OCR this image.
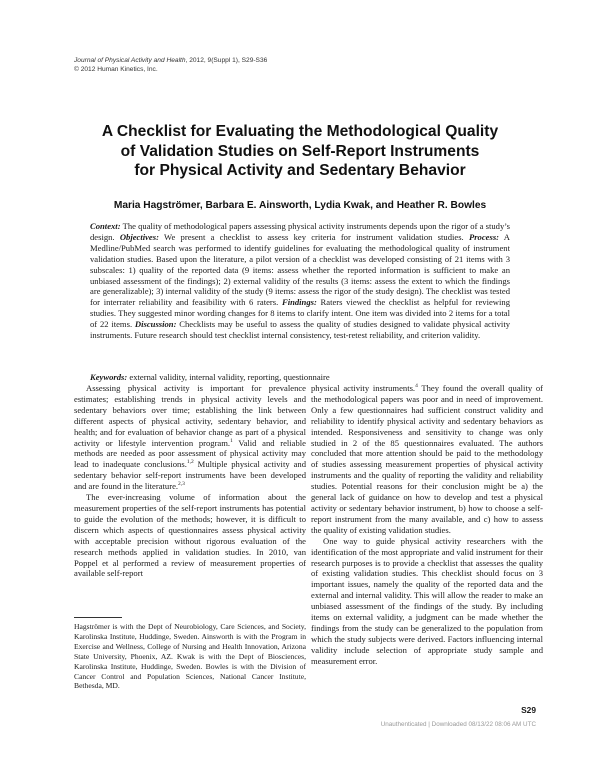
Journal of Physical Activity and Health, 2012, 9(Suppl 1), S29-S36
© 2012 Human Kinetics, Inc.
A Checklist for Evaluating the Methodological Quality
of Validation Studies on Self-Report Instruments
for Physical Activity and Sedentary Behavior
Maria Hagströmer, Barbara E. Ainsworth, Lydia Kwak, and Heather R. Bowles
Context: The quality of methodological papers assessing physical activity instruments depends upon the rigor of a study’s design. Objectives: We present a checklist to assess key criteria for instrument validation studies. Process: A Medline/PubMed search was performed to identify guidelines for evaluating the methodological quality of instrument validation studies. Based upon the literature, a pilot version of a checklist was developed consisting of 21 items with 3 subscales: 1) quality of the reported data (9 items: assess whether the reported information is sufficient to make an unbiased assessment of the findings); 2) external validity of the results (3 items: assess the extent to which the findings are generalizable); 3) internal validity of the study (9 items: assess the rigor of the study design). The checklist was tested for interrater reliability and feasibility with 6 raters. Findings: Raters viewed the checklist as helpful for reviewing studies. They suggested minor wording changes for 8 items to clarify intent. One item was divided into 2 items for a total of 22 items. Discussion: Checklists may be useful to assess the quality of studies designed to validate physical activity instruments. Future research should test checklist internal consistency, test-retest reliability, and criterion validity.
Keywords: external validity, internal validity, reporting, questionnaire

Assessing physical activity is important for prevalence estimates; establishing trends in physical activity levels and sedentary behaviors over time; establishing the link between different aspects of physical activity, sedentary behavior, and health; and for evaluation of behavior change as part of a physical activity or lifestyle intervention program.$^1$ Valid and reliable methods are needed as poor assessment of physical activity may lead to inadequate conclusions.$^{1,2}$ Multiple physical activity and sedentary behavior self-report instruments have been developed and are found in the literature.$^{2,3}$

The ever-increasing volume of information about the measurement properties of the self-report instruments has potential to guide the evolution of the methods; however, it is difficult to discern which aspects of questionnaires assess physical activity with acceptable precision without rigorous evaluation of the research methods applied in validation studies. In 2010, van Poppel et al performed a review of measurement properties of available self-report

physical activity instruments.$^4$ They found the overall quality of the methodological papers was poor and in need of improvement. Only a few questionnaires had sufficient construct validity and reliability to identify physical activity and sedentary behaviors as intended. Responsiveness and sensitivity to change was only studied in 2 of the 85 questionnaires evaluated. The authors concluded that more attention should be paid to the methodology of studies assessing measurement properties of physical activity instruments and the quality of reporting the validity and reliability studies. Potential reasons for their conclusion might be a) the general lack of guidance on how to develop and test a physical activity or sedentary behavior instrument, b) how to choose a self-report instrument from the many available, and c) how to assess the quality of existing validation studies.

One way to guide physical activity researchers with the identification of the most appropriate and valid instrument for their research purposes is to provide a checklist that assesses the quality of existing validation studies. This checklist should focus on 3 important issues, namely the quality of the reported data and the external and internal validity. This will allow the reader to make an unbiased assessment of the findings of the study. By including items on external validity, a judgment can be made whether the findings from the study can be generalized to the population from which the study subjects were derived. Factors influencing internal validity include selection of appropriate study sample and measurement error.

Hagströmer is with the Dept of Neurobiology, Care Sciences, and Society, Karolinska Institute, Huddinge, Sweden. Ainsworth is with the Program in Exercise and Wellness, College of Nursing and Health Innovation, Arizona State University, Phoenix, AZ. Kwak is with the Dept of Biosciences, Karolinska Institute, Huddinge, Sweden. Bowles is with the Division of Cancer Control and Population Sciences, National Cancer Institute, Bethesda, MD.
S29
Unauthenticated | Downloaded 08/13/22 08:06 AM UTC
